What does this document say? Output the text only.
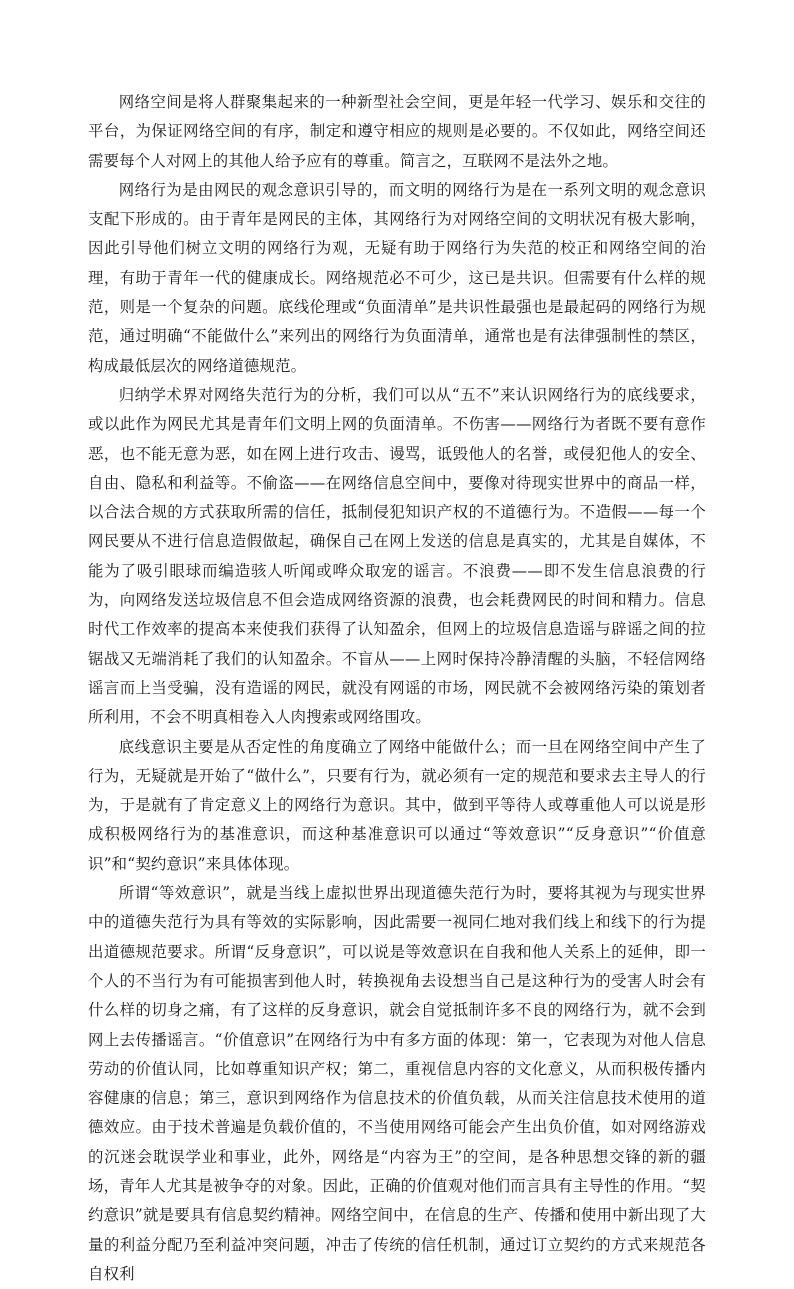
网络空间是将人群聚集起来的一种新型社会空间，更是年轻一代学习、娱乐和交往的平台，为保证网络空间的有序，制定和遵守相应的规则是必要的。不仅如此，网络空间还需要每个人对网上的其他人给予应有的尊重。简言之，互联网不是法外之地。

网络行为是由网民的观念意识引导的，而文明的网络行为是在一系列文明的观念意识支配下形成的。由于青年是网民的主体，其网络行为对网络空间的文明状况有极大影响，因此引导他们树立文明的网络行为观，无疑有助于网络行为失范的校正和网络空间的治理，有助于青年一代的健康成长。网络规范必不可少，这已是共识。但需要有什么样的规范，则是一个复杂的问题。底线伦理或“负面清单”是共识性最强也是最起码的网络行为规范，通过明确“不能做什么”来列出的网络行为负面清单，通常也是有法律强制性的禁区，构成最低层次的网络道德规范。

归纳学术界对网络失范行为的分析，我们可以从“五不”来认识网络行为的底线要求，或以此作为网民尤其是青年们文明上网的负面清单。不伤害——网络行为者既不要有意作恶，也不能无意为恶，如在网上进行攻击、谩骂，诋毁他人的名誉，或侵犯他人的安全、自由、隐私和利益等。不偷盗——在网络信息空间中，要像对待现实世界中的商品一样，以合法合规的方式获取所需的信任，抵制侵犯知识产权的不道德行为。不造假——每一个网民要从不进行信息造假做起，确保自己在网上发送的信息是真实的，尤其是自媒体，不能为了吸引眼球而编造骇人听闻或哗众取宠的谣言。不浪费——即不发生信息浪费的行为，向网络发送垃圾信息不但会造成网络资源的浪费，也会耗费网民的时间和精力。信息时代工作效率的提高本来使我们获得了认知盈余，但网上的垃圾信息造谣与辟谣之间的拉锯战又无端消耗了我们的认知盈余。不盲从——上网时保持冷静清醒的头脑，不轻信网络谣言而上当受骗，没有造谣的网民，就没有网谣的市场，网民就不会被网络污染的策划者所利用，不会不明真相卷入人肉搜索或网络围攻。

底线意识主要是从否定性的角度确立了网络中能做什么；而一旦在网络空间中产生了行为，无疑就是开始了“做什么”，只要有行为，就必须有一定的规范和要求去主导人的行为，于是就有了肯定意义上的网络行为意识。其中，做到平等待人或尊重他人可以说是形成积极网络行为的基准意识，而这种基准意识可以通过“等效意识”“反身意识”“价值意识”和“契约意识”来具体体现。

所谓“等效意识”，就是当线上虚拟世界出现道德失范行为时，要将其视为与现实世界中的道德失范行为具有等效的实际影响，因此需要一视同仁地对我们线上和线下的行为提出道德规范要求。所谓“反身意识”，可以说是等效意识在自我和他人关系上的延伸，即一个人的不当行为有可能损害到他人时，转换视角去设想当自己是这种行为的受害人时会有什么样的切身之痛，有了这样的反身意识，就会自觉抵制许多不良的网络行为，就不会到网上去传播谣言。“价值意识”在网络行为中有多方面的体现：第一，它表现为对他人信息劳动的价值认同，比如尊重知识产权；第二，重视信息内容的文化意义，从而积极传播内容健康的信息；第三，意识到网络作为信息技术的价值负载，从而关注信息技术使用的道德效应。由于技术普遍是负载价值的，不当使用网络可能会产生出负价值，如对网络游戏的沉迷会耽误学业和事业，此外，网络是“内容为王”的空间，是各种思想交锋的新的疆场，青年人尤其是被争夺的对象。因此，正确的价值观对他们而言具有主导性的作用。“契约意识”就是要具有信息契约精神。网络空间中，在信息的生产、传播和使用中新出现了大量的利益分配乃至利益冲突问题，冲击了传统的信任机制，通过订立契约的方式来规范各自权利
